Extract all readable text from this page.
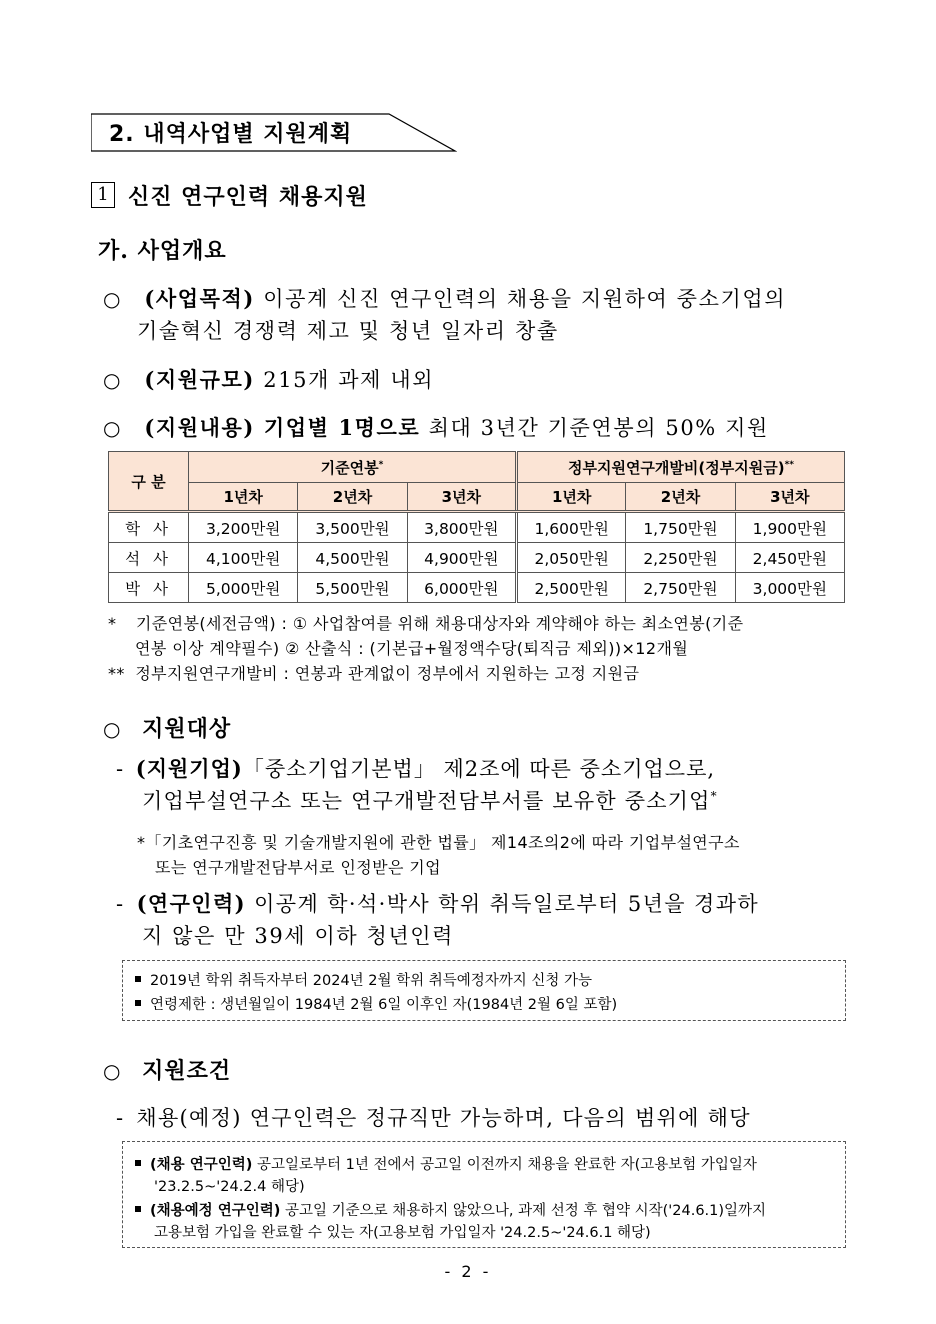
2. 내역사업별 지원계획
1 신진 연구인력 채용지원
가. 사업개요
○ (사업목적) 이공계 신진 연구인력의 채용을 지원하여 중소기업의
기술혁신 경쟁력 제고 및 청년 일자리 창출
○ (지원규모) 215개 과제 내외
○ (지원내용) 기업별 1명으로 최대 3년간 기준연봉의 50% 지원
구 분	기준연봉*			정부지원연구개발비(정부지원금)**
	1년차	2년차	3년차	1년차	2년차	3년차
학 사	3,200만원	3,500만원	3,800만원	1,600만원	1,750만원	1,900만원
석 사	4,100만원	4,500만원	4,900만원	2,050만원	2,250만원	2,450만원
박 사	5,000만원	5,500만원	6,000만원	2,500만원	2,750만원	3,000만원
* 기준연봉(세전금액) : ① 사업참여를 위해 채용대상자와 계약해야 하는 최소연봉(기준
연봉 이상 계약필수) ② 산출식 : (기본급+월정액수당(퇴직금 제외))×12개월
** 정부지원연구개발비 : 연봉과 관계없이 정부에서 지원하는 고정 지원금
○ 지원대상
- (지원기업)「중소기업기본법」 제2조에 따른 중소기업으로,
기업부설연구소 또는 연구개발전담부서를 보유한 중소기업*
*「기초연구진흥 및 기술개발지원에 관한 법률」 제14조의2에 따라 기업부설연구소
또는 연구개발전담부서로 인정받은 기업
- (연구인력) 이공계 학·석·박사 학위 취득일로부터 5년을 경과하
지 않은 만 39세 이하 청년인력
2019년 학위 취득자부터 2024년 2월 학위 취득예정자까지 신청 가능
연령제한 : 생년월일이 1984년 2월 6일 이후인 자(1984년 2월 6일 포함)
○ 지원조건
- 채용(예정) 연구인력은 정규직만 가능하며, 다음의 범위에 해당
(채용 연구인력) 공고일로부터 1년 전에서 공고일 이전까지 채용을 완료한 자(고용보험 가입일자
'23.2.5~'24.2.4 해당)
(채용예정 연구인력) 공고일 기준으로 채용하지 않았으나, 과제 선정 후 협약 시작('24.6.1)일까지
고용보험 가입을 완료할 수 있는 자(고용보험 가입일자 '24.2.5~'24.6.1 해당)
- 2 -
